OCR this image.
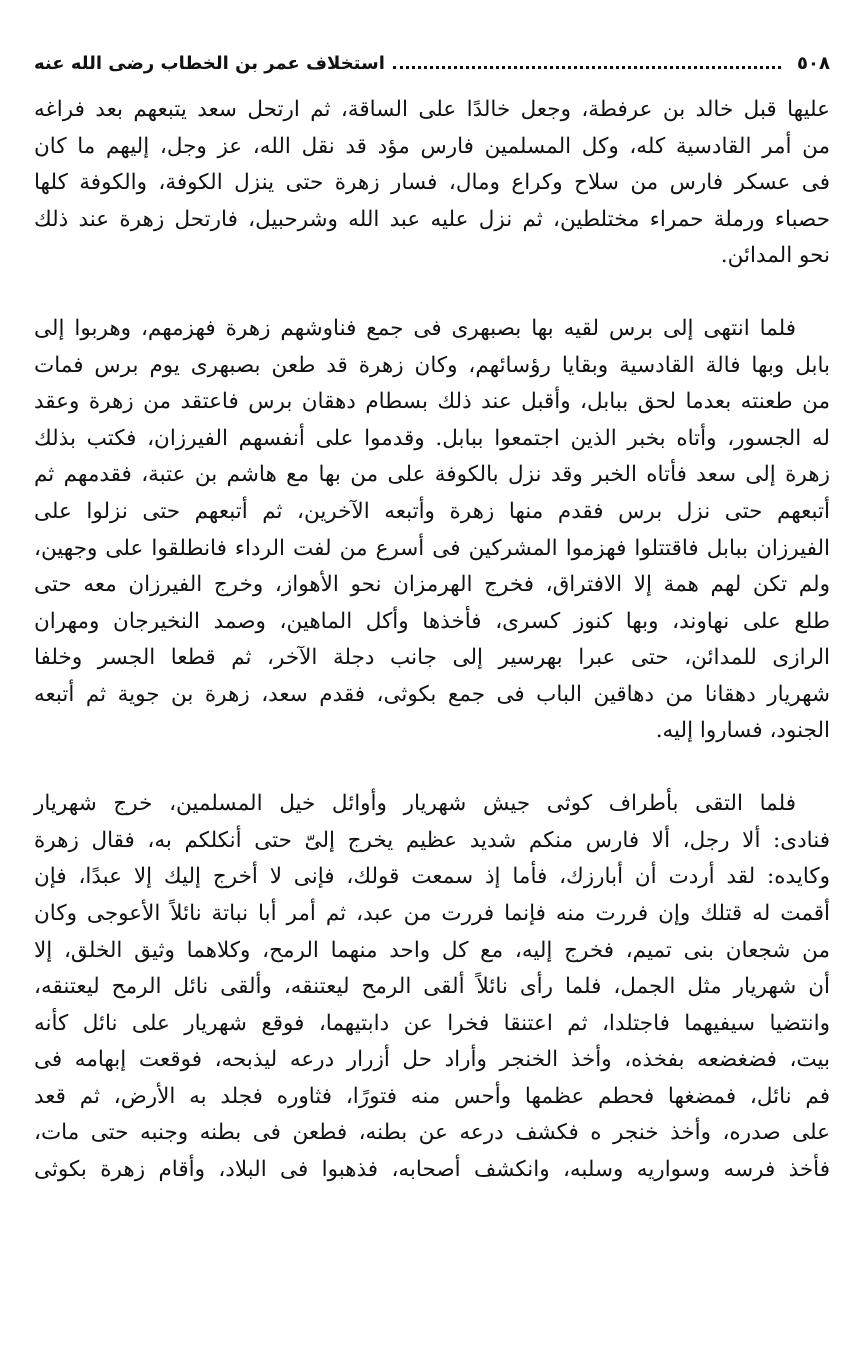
٥٠٨
استخلاف عمر بن الخطاب رضى الله عنه
عليها قبل خالد بن عرفطة، وجعل خالدًا على الساقة، ثم ارتحل سعد يتبعهم بعد فراغه
من أمر القادسية كله، وكل المسلمين فارس مؤد قد نقل الله، عز وجل، إليهم ما كان
فى عسكر فارس من سلاح وكراع ومال، فسار زهرة حتى ينزل الكوفة، والكوفة كلها
حصباء ورملة حمراء مختلطين، ثم نزل عليه عبد الله وشرحبيل، فارتحل زهرة عند ذلك
نحو المدائن.
فلما انتهى إلى برس لقيه بها بصبهرى فى جمع فناوشهم زهرة فهزمهم، وهربوا إلى
بابل وبها فالة القادسية وبقايا رؤسائهم، وكان زهرة قد طعن بصبهرى يوم برس فمات
من طعنته بعدما لحق ببابل، وأقبل عند ذلك بسطام دهقان برس فاعتقد من زهرة وعقد
له الجسور، وأتاه بخبر الذين اجتمعوا ببابل. وقدموا على أنفسهم الفيرزان، فكتب بذلك
زهرة إلى سعد فأتاه الخبر وقد نزل بالكوفة على من بها مع هاشم بن عتبة، فقدمهم ثم
أتبعهم حتى نزل برس فقدم منها زهرة وأتبعه الآخرين، ثم أتبعهم حتى نزلوا على
الفيرزان ببابل فاقتتلوا فهزموا المشركين فى أسرع من لفت الرداء فانطلقوا على وجهين،
ولم تكن لهم همة إلا الافتراق، فخرج الهرمزان نحو الأهواز، وخرج الفيرزان معه حتى
طلع على نهاوند، وبها كنوز كسرى، فأخذها وأكل الماهين، وصمد النخيرجان ومهران
الرازى للمدائن، حتى عبرا بهرسير إلى جانب دجلة الآخر، ثم قطعا الجسر وخلفا
شهريار دهقانا من دهاقين الباب فى جمع بكوثى، فقدم سعد، زهرة بن جوية ثم أتبعه
الجنود، فساروا إليه.
فلما التقى بأطراف كوثى جيش شهريار وأوائل خيل المسلمين، خرج شهريار
فنادى: ألا رجل، ألا فارس منكم شديد عظيم يخرج إلىّ حتى أنكلكم به، فقال زهرة
وكايده: لقد أردت أن أبارزك، فأما إذ سمعت قولك، فإنى لا أخرج إليك إلا عبدًا، فإن
أقمت له قتلك وإن فررت منه فإنما فررت من عبد، ثم أمر أبا نباتة نائلاً الأعوجى وكان
من شجعان بنى تميم، فخرج إليه، مع كل واحد منهما الرمح، وكلاهما وثيق الخلق، إلا
أن شهريار مثل الجمل، فلما رأى نائلاً ألقى الرمح ليعتنقه، وألقى نائل الرمح ليعتنقه،
وانتضيا سيفيهما فاجتلدا، ثم اعتنقا فخرا عن دابتيهما، فوقع شهريار على نائل كأنه
بيت، فضغضعه بفخذه، وأخذ الخنجر وأراد حل أزرار درعه ليذبحه، فوقعت إبهامه فى
فم نائل، فمضغها فحطم عظمها وأحس منه فتورًا، فثاوره فجلد به الأرض، ثم قعد
على صدره، وأخذ خنجر ه فكشف درعه عن بطنه، فطعن فى بطنه وجنبه حتى مات،
فأخذ فرسه وسواريه وسلبه، وانكشف أصحابه، فذهبوا فى البلاد، وأقام زهرة بكوثى
